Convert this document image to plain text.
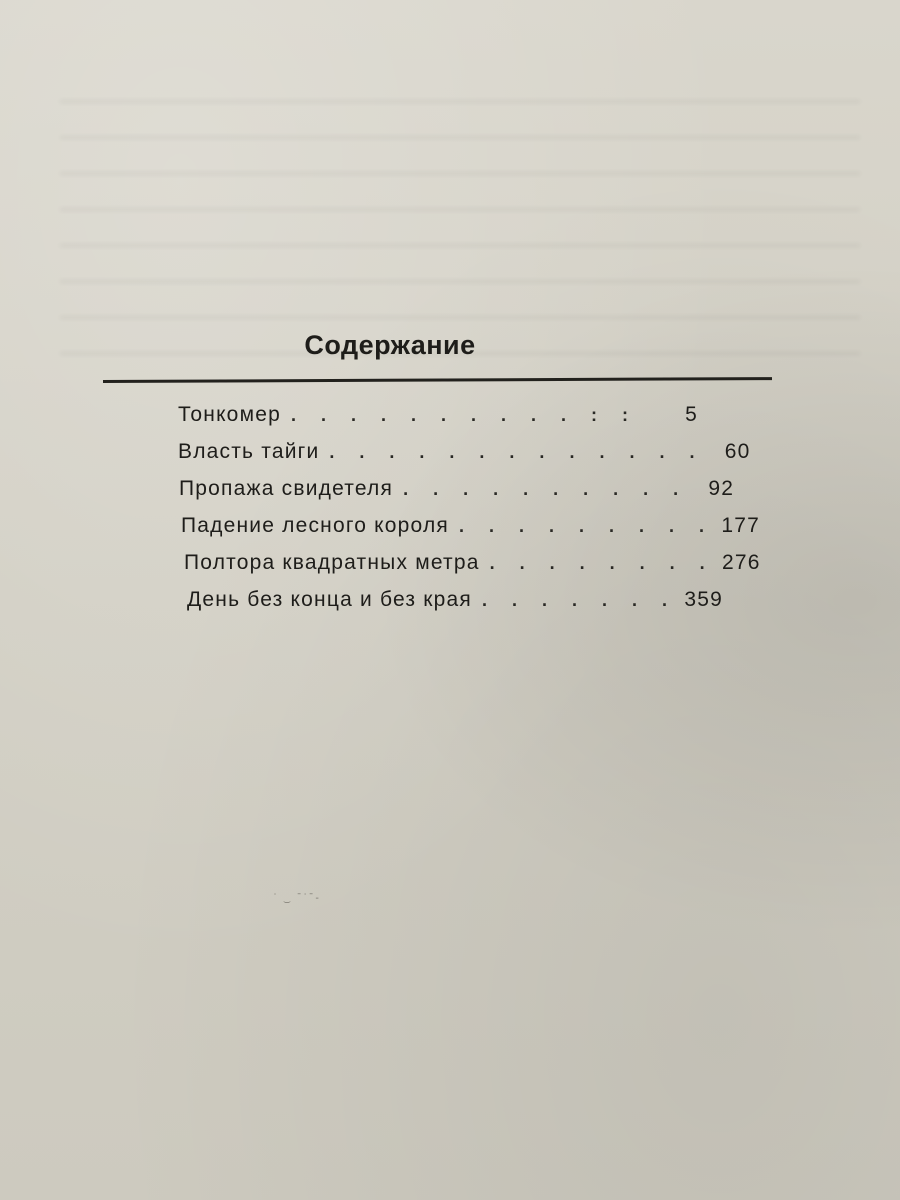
Содержание
Тонкомер . . . . . . . . . . : :	5
Власть тайги . . . . . . . . . . . . . 60
Пропажа свидетеля . . . . . . . . . . 92
Падение лесного короля . . . . . . . . . 177
Полтора квадратных метра . . . . . . . . 276
День без конца и без края . . . . . . . 359
˙ ‿ ˉ˙ˉ-
